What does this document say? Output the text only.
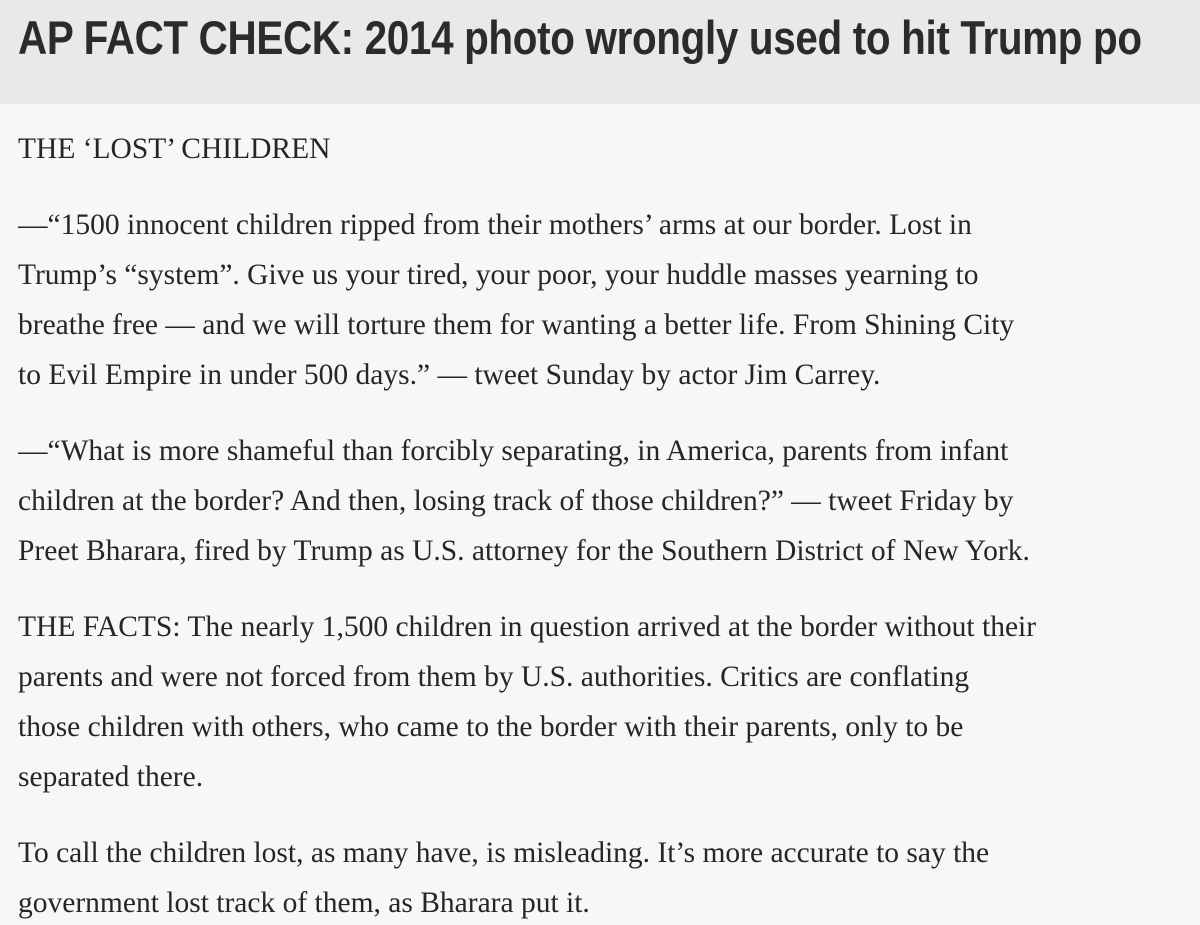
AP FACT CHECK: 2014 photo wrongly used to hit Trump po

THE ‘LOST’ CHILDREN

—“1500 innocent children ripped from their mothers’ arms at our border. Lost in
Trump’s “system”. Give us your tired, your poor, your huddle masses yearning to
breathe free — and we will torture them for wanting a better life. From Shining City
to Evil Empire in under 500 days.” — tweet Sunday by actor Jim Carrey.

—“What is more shameful than forcibly separating, in America, parents from infant
children at the border? And then, losing track of those children?” — tweet Friday by
Preet Bharara, fired by Trump as U.S. attorney for the Southern District of New York.

THE FACTS: The nearly 1,500 children in question arrived at the border without their
parents and were not forced from them by U.S. authorities. Critics are conflating
those children with others, who came to the border with their parents, only to be
separated there.

To call the children lost, as many have, is misleading. It’s more accurate to say the
government lost track of them, as Bharara put it.
